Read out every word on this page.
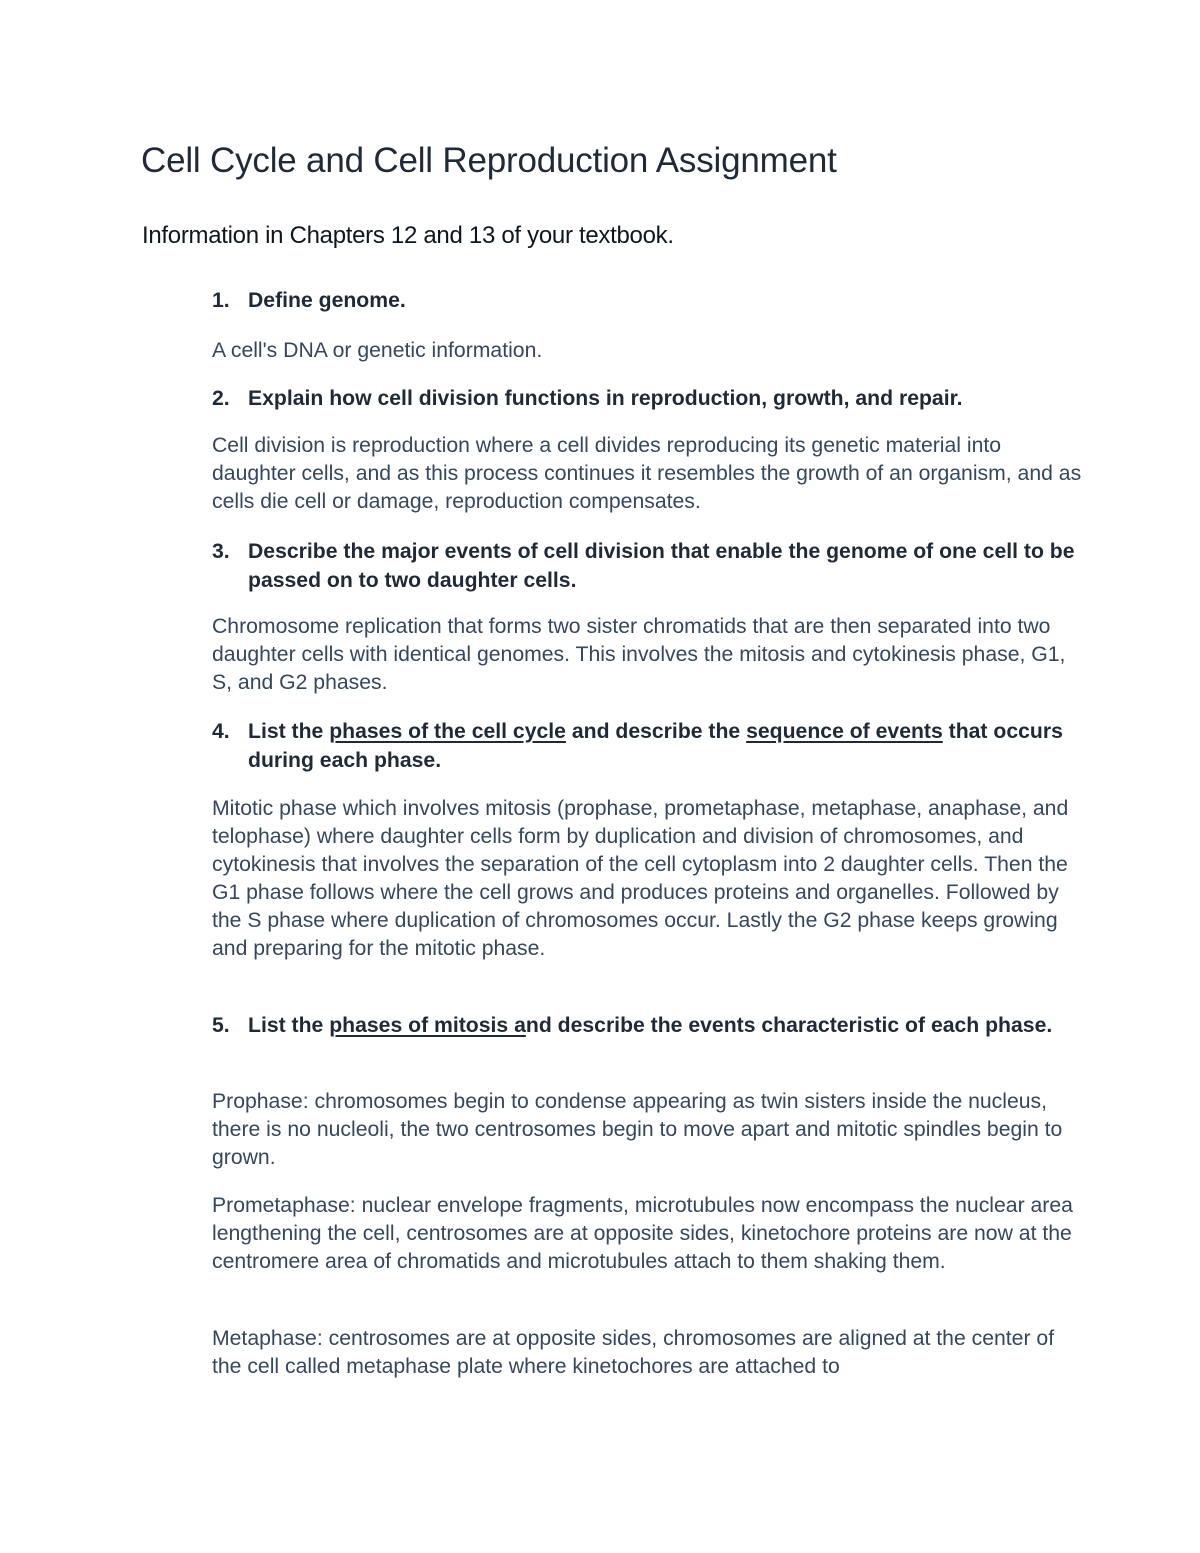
Cell Cycle and Cell Reproduction Assignment
Information in Chapters 12 and 13 of your textbook.

1. Define genome.

A cell's DNA or genetic information.

2. Explain how cell division functions in reproduction, growth, and repair.

Cell division is reproduction where a cell divides reproducing its genetic material into daughter cells, and as this process continues it resembles the growth of an organism, and as cells die cell or damage, reproduction compensates.

3. Describe the major events of cell division that enable the genome of one cell to be passed on to two daughter cells.

Chromosome replication that forms two sister chromatids that are then separated into two daughter cells with identical genomes. This involves the mitosis and cytokinesis phase, G1, S, and G2 phases.

4. List the phases of the cell cycle and describe the sequence of events that occurs during each phase.

Mitotic phase which involves mitosis (prophase, prometaphase, metaphase, anaphase, and telophase) where daughter cells form by duplication and division of chromosomes, and cytokinesis that involves the separation of the cell cytoplasm into 2 daughter cells. Then the G1 phase follows where the cell grows and produces proteins and organelles. Followed by the S phase where duplication of chromosomes occur. Lastly the G2 phase keeps growing and preparing for the mitotic phase.

5. List the phases of mitosis and describe the events characteristic of each phase.

Prophase: chromosomes begin to condense appearing as twin sisters inside the nucleus, there is no nucleoli, the two centrosomes begin to move apart and mitotic spindles begin to grown.

Prometaphase: nuclear envelope fragments, microtubules now encompass the nuclear area lengthening the cell, centrosomes are at opposite sides, kinetochore proteins are now at the centromere area of chromatids and microtubules attach to them shaking them.

Metaphase: centrosomes are at opposite sides, chromosomes are aligned at the center of the cell called metaphase plate where kinetochores are attached to
